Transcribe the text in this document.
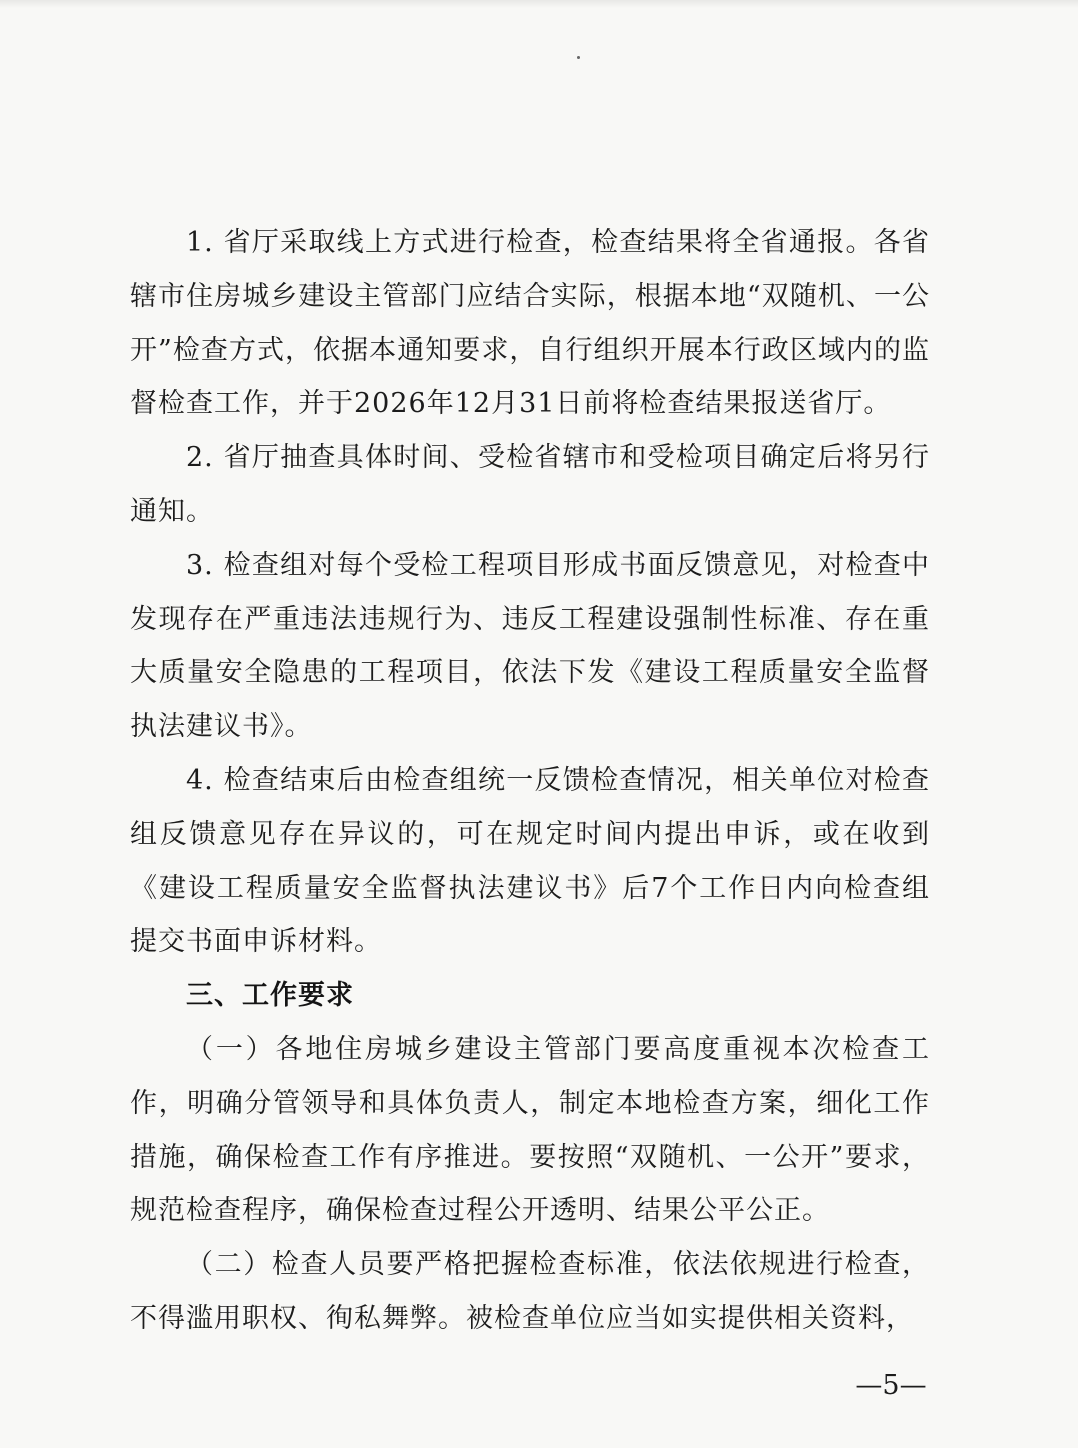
1. 省厅采取线上方式进行检查，检查结果将全省通报。各省辖市住房城乡建设主管部门应结合实际，根据本地“双随机、一公开”检查方式，依据本通知要求，自行组织开展本行政区域内的监督检查工作，并于2026年12月31日前将检查结果报送省厅。

2. 省厅抽查具体时间、受检省辖市和受检项目确定后将另行通知。

3. 检查组对每个受检工程项目形成书面反馈意见，对检查中发现存在严重违法违规行为、违反工程建设强制性标准、存在重大质量安全隐患的工程项目，依法下发《建设工程质量安全监督执法建议书》。

4. 检查结束后由检查组统一反馈检查情况，相关单位对检查组反馈意见存在异议的，可在规定时间内提出申诉，或在收到《建设工程质量安全监督执法建议书》后7个工作日内向检查组提交书面申诉材料。

三、工作要求

（一）各地住房城乡建设主管部门要高度重视本次检查工作，明确分管领导和具体负责人，制定本地检查方案，细化工作措施，确保检查工作有序推进。要按照“双随机、一公开”要求，规范检查程序，确保检查过程公开透明、结果公平公正。

（二）检查人员要严格把握检查标准，依法依规进行检查，不得滥用职权、徇私舞弊。被检查单位应当如实提供相关资料，

—5—
